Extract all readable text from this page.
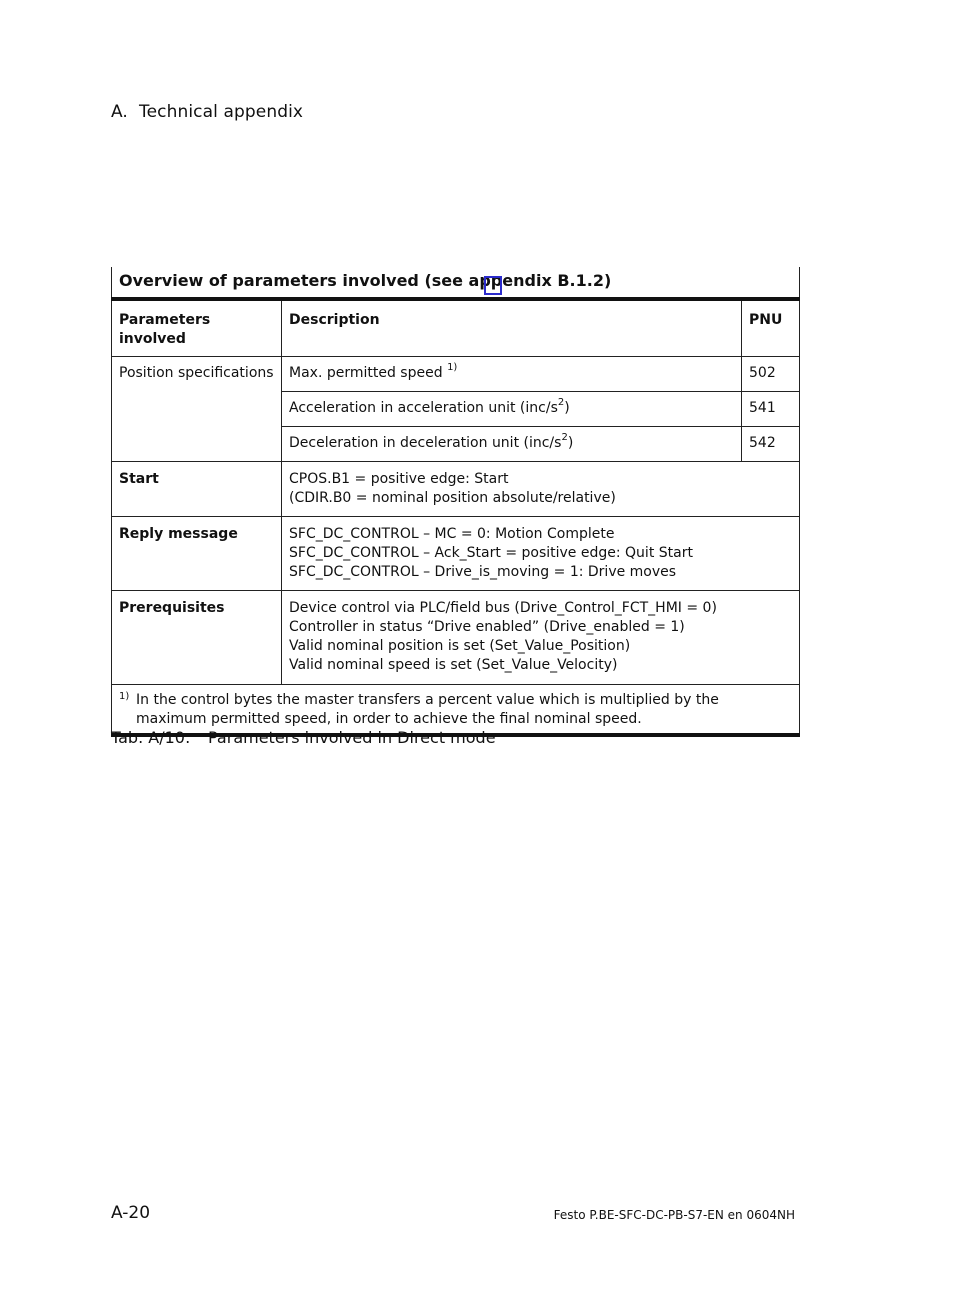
A. Technical appendix
Overview of parameters involved (see appendix B.1.2)		
Parameters involved	Description	PNU
Position specifications	Max. permitted speed $^{1)}$	502
	Acceleration in acceleration unit $(inc/s^2)$	541
	Deceleration in deceleration unit $(inc/s^2)$	542
Start	CPOS.B1 = positive edge: Start
(CDIR.B0 = nominal position absolute/relative)	

Reply message	SFC_DC_CONTROL – MC = 0: Motion Complete
SFC_DC_CONTROL – Ack_Start = positive edge: Quit Start
SFC_DC_CONTROL – Drive_is_moving = 1: Drive moves	

Prerequisites	Device control via PLC/field bus (Drive_Control_FCT_HMI = 0)
Controller in status “Drive enabled” (Drive_enabled = 1)
Valid nominal position is set (Set_Value_Position)
Valid nominal speed is set (Set_Value_Velocity)	

1) In the control bytes the master transfers a percent value which is multiplied by the maximum permitted speed, in order to achieve the final nominal speed.		
Tab. A/10: Parameters involved in Direct mode
A-20	Festo P.BE-SFC-DC-PB-S7-EN en 0604NH
